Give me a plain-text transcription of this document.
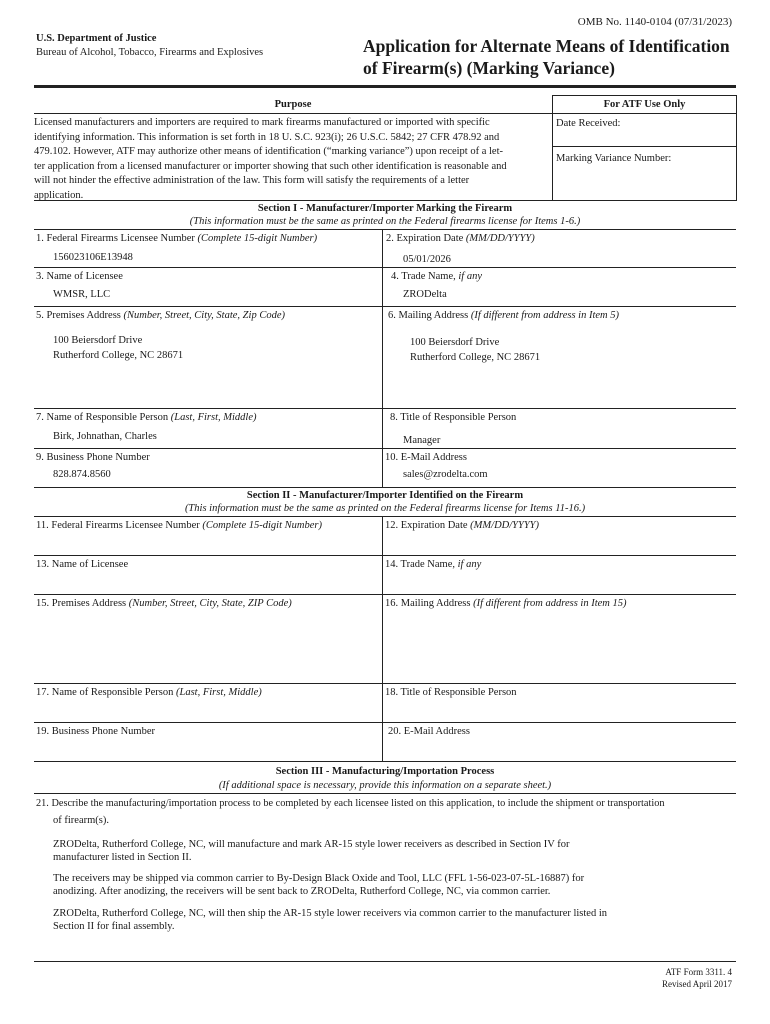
OMB No. 1140-0104 (07/31/2023)
U.S. Department of Justice
Bureau of Alcohol, Tobacco, Firearms and Explosives	Application for Alternate Means of Identification
of Firearm(s) (Marking Variance)
Purpose
Licensed manufacturers and importers are required to mark firearms manufactured or imported with specific
identifying information. This information is set forth in 18 U. S.C. 923(i); 26 U.S.C. 5842; 27 CFR 478.92 and
479.102. However, ATF may authorize other means of identification (“marking variance”) upon receipt of a let-
ter application from a licensed manufacturer or importer showing that such other identification is reasonable and
will not hinder the effective administration of the law. This form will satisfy the requirements of a letter
application.
For ATF Use Only
Date Received:
Marking Variance Number:
Section I - Manufacturer/Importer Marking the Firearm
(This information must be the same as printed on the Federal firearms license for Items 1-6.)
1. Federal Firearms Licensee Number (Complete 15-digit Number)
156023106E13948
2. Expiration Date (MM/DD/YYYY)
05/01/2026
3. Name of Licensee
WMSR, LLC
4. Trade Name, if any
ZRODelta
5. Premises Address (Number, Street, City, State, Zip Code)
100 Beiersdorf Drive
Rutherford College, NC 28671
6. Mailing Address (If different from address in Item 5)
100 Beiersdorf Drive
Rutherford College, NC 28671
7. Name of Responsible Person (Last, First, Middle)
Birk, Johnathan, Charles
8. Title of Responsible Person
Manager
9. Business Phone Number
828.874.8560
10. E-Mail Address
sales@zrodelta.com
Section II - Manufacturer/Importer Identified on the Firearm
(This information must be the same as printed on the Federal firearms license for Items 11-16.)
11. Federal Firearms Licensee Number (Complete 15-digit Number)	12. Expiration Date (MM/DD/YYYY)
13. Name of Licensee	14. Trade Name, if any
15. Premises Address (Number, Street, City, State, ZIP Code)	16. Mailing Address (If different from address in Item 15)
17. Name of Responsible Person (Last, First, Middle)	18. Title of Responsible Person
19. Business Phone Number	20. E-Mail Address
Section III - Manufacturing/Importation Process
(If additional space is necessary, provide this information on a separate sheet.)
21. Describe the manufacturing/importation process to be completed by each licensee listed on this application, to include the shipment or transportation
of firearm(s).
ZRODelta, Rutherford College, NC, will manufacture and mark AR-15 style lower receivers as described in Section IV for
manufacturer listed in Section II.
The receivers may be shipped via common carrier to By-Design Black Oxide and Tool, LLC (FFL 1-56-023-07-5L-16887) for
anodizing. After anodizing, the receivers will be sent back to ZRODelta, Rutherford College, NC, via common carrier.
ZRODelta, Rutherford College, NC, will then ship the AR-15 style lower receivers via common carrier to the manufacturer listed in
Section II for final assembly.
ATF Form 3311. 4
Revised April 2017
